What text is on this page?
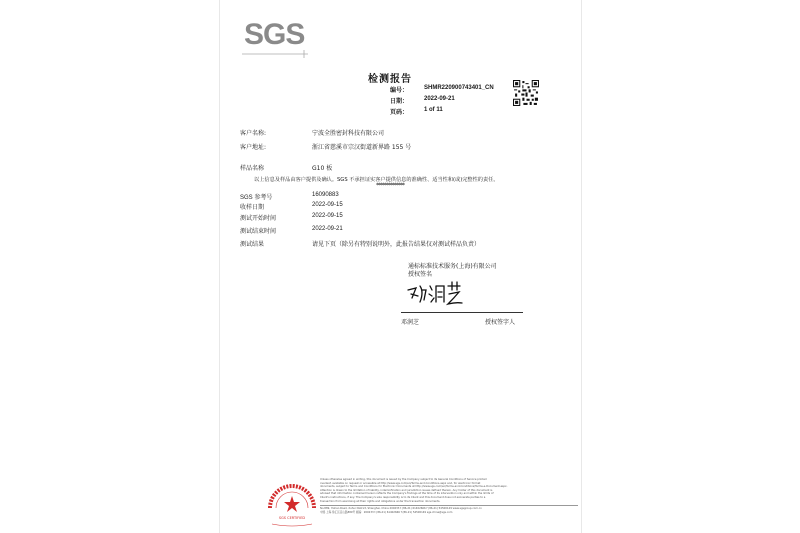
SGS
检测报告
编号：	SHMR220900743401_CN
日期：	2022-09-21
页码：	1 of 11
客户名称:	宁波全胜密封科技有限公司
客户地址:	浙江省慈溪市宗汉街道新界路 155 号
样品名称	G10 板
以上信息及样品由客户提供及确认。SGS 不承担证实客户提供信息的准确性、适当性和(或)完整性的责任。
**************
SGS 参考号	16090883
收样日期	2022-09-15
测试开始时间	2022-09-15
测试结束时间	2022-09-21
测试结果	请见下页（除另有特别说明外，此报告结果仅对测试样品负责）
通标标准技术服务(上海)有限公司
授权签名
邓润芝	授权签字人
SGS CERTIFIED
Unless otherwise agreed in writing, this document is issued by the Company subject to its General Conditions of Service printed
overleaf, available on request or accessible at http://www.sgs.com/en/Terms-and-Conditions.aspx and, for electronic format
documents, subject to Terms and Conditions for Electronic Documents at http://www.sgs.com/en/Terms-and-Conditions/Terms-e-Document.aspx.
Attention is drawn to the limitation of liability, indemnification and jurisdiction issues defined therein. Any holder of this document is
advised that information contained hereon reflects the Company's findings at the time of its intervention only and within the limits of
Client's instructions, if any. The Company's sole responsibility is to its Client and this document does not exonerate parties to a
transaction from exercising all their rights and obligations under the transaction documents.
No.889, Yishan Road, Xuhui District, Shanghai, China 200233 t (86-21) 61402666 f (86-21) 54500149 www.sgsgroup.com.cn
中国·上海·徐汇区宜山路889号 邮编：200233 t (86-21) 61402666 f (86-21) 54500149 sgs.china@sgs.com
